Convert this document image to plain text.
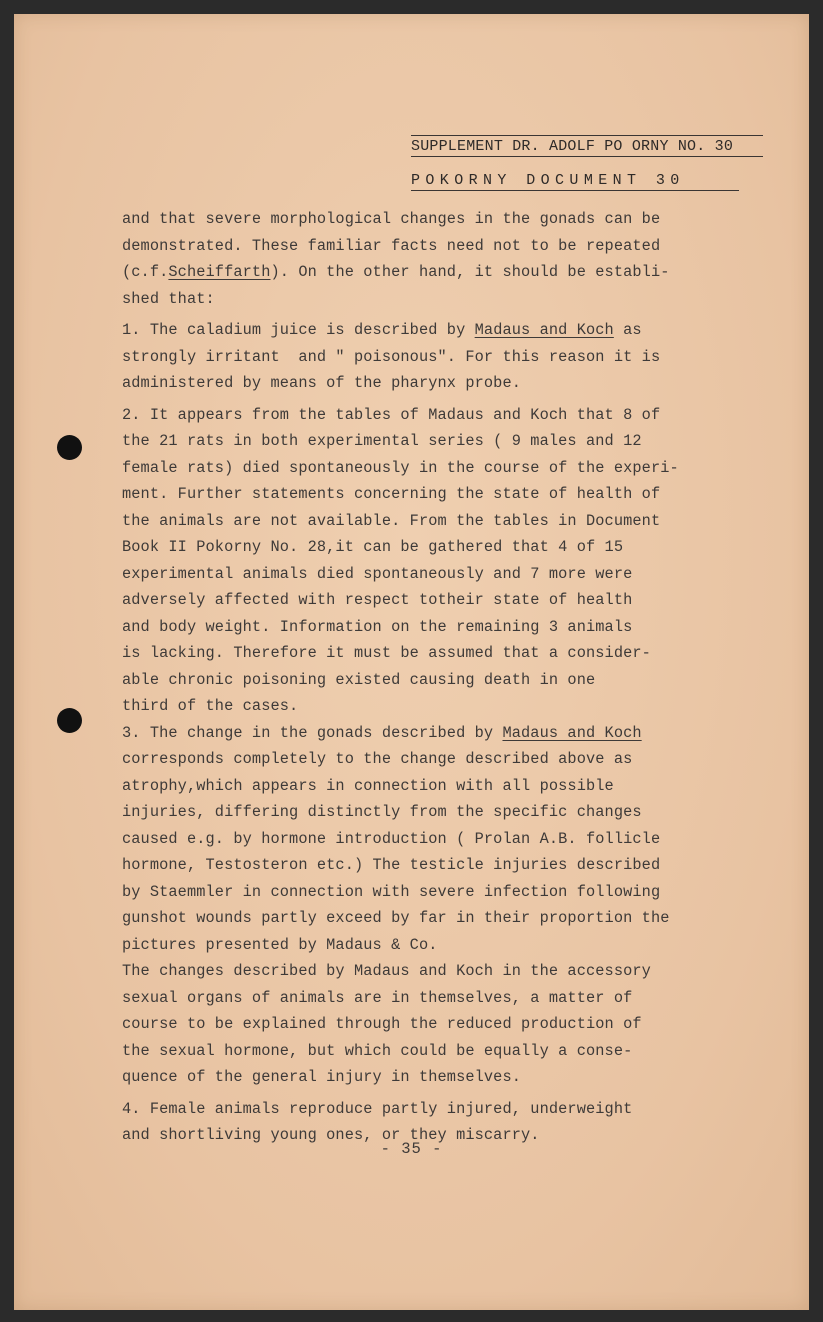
SUPPLEMENT DR. ADOLF PO ORNY NO. 30
POKORNY DOCUMENT 30
and that severe morphological changes in the gonads can be
demonstrated. These familiar facts need not to be repeated
(c.f.Scheiffarth). On the other hand, it should be establi-
shed that:
1. The caladium juice is described by Madaus and Koch as
strongly irritant  and " poisonous". For this reason it is
administered by means of the pharynx probe.
2. It appears from the tables of Madaus and Koch that 8 of
the 21 rats in both experimental series ( 9 males and 12
female rats) died spontaneously in the course of the experi-
ment. Further statements concerning the state of health of
the animals are not available. From the tables in Document
Book II Pokorny No. 28,it can be gathered that 4 of 15
experimental animals died spontaneously and 7 more were
adversely affected with respect totheir state of health
and body weight. Information on the remaining 3 animals
is lacking. Therefore it must be assumed that a consider-
able chronic poisoning existed causing death in one
third of the cases.
3. The change in the gonads described by Madaus and Koch
corresponds completely to the change described above as
atrophy,which appears in connection with all possible
injuries, differing distinctly from the specific changes
caused e.g. by hormone introduction ( Prolan A.B. follicle
hormone, Testosteron etc.) The testicle injuries described
by Staemmler in connection with severe infection following
gunshot wounds partly exceed by far in their proportion the
pictures presented by Madaus & Co.
The changes described by Madaus and Koch in the accessory
sexual organs of animals are in themselves, a matter of
course to be explained through the reduced production of
the sexual hormone, but which could be equally a conse-
quence of the general injury in themselves.
4. Female animals reproduce partly injured, underweight
and shortliving young ones, or they miscarry.
- 35 -
